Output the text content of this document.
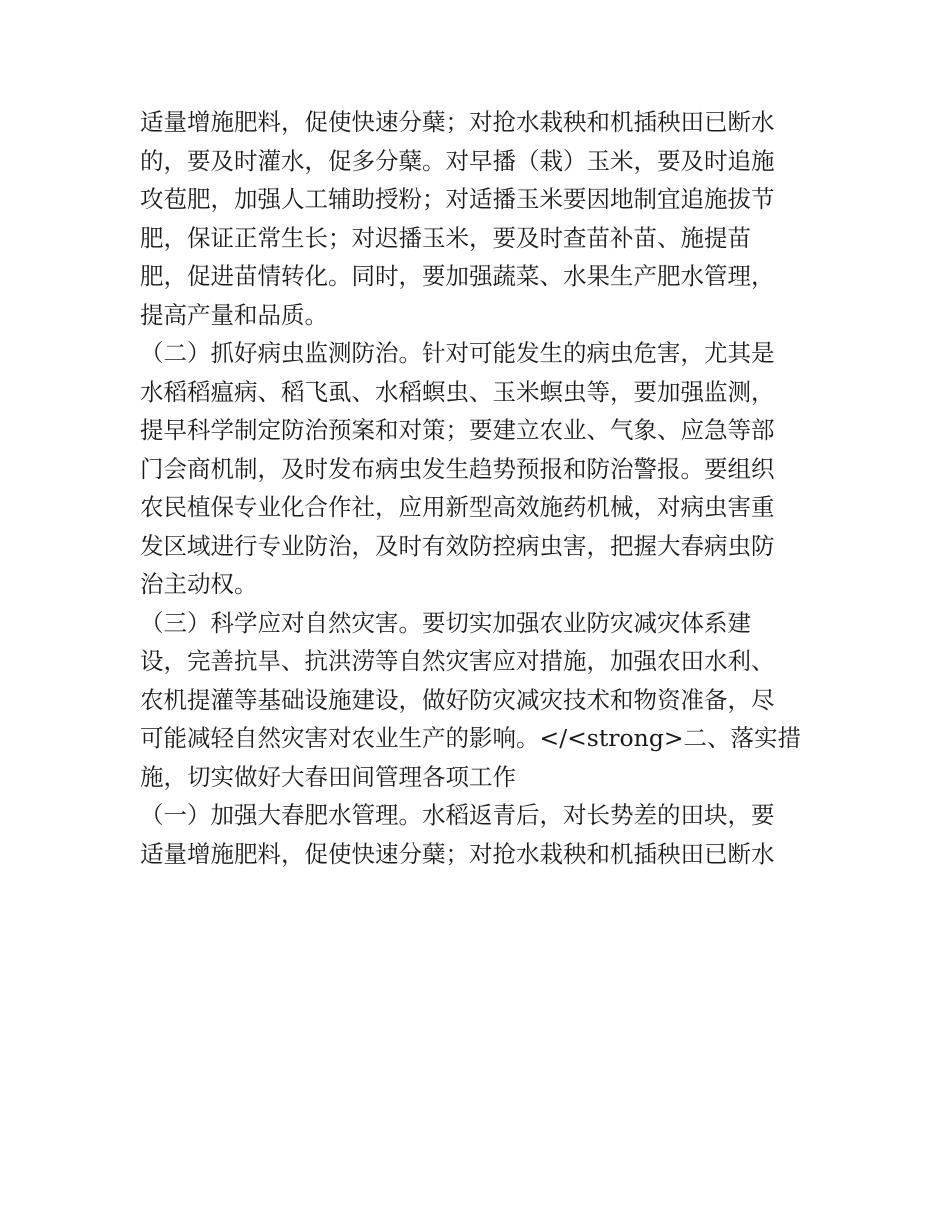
适量增施肥料，促使快速分蘖；对抢水栽秧和机插秧田已断水
的，要及时灌水，促多分蘖。对早播（栽）玉米，要及时追施
攻苞肥，加强人工辅助授粉；对适播玉米要因地制宜追施拔节
肥，保证正常生长；对迟播玉米，要及时查苗补苗、施提苗
肥，促进苗情转化。同时，要加强蔬菜、水果生产肥水管理，
提高产量和品质。
（二）抓好病虫监测防治。针对可能发生的病虫危害，尤其是
水稻稻瘟病、稻飞虱、水稻螟虫、玉米螟虫等，要加强监测，
提早科学制定防治预案和对策；要建立农业、气象、应急等部
门会商机制，及时发布病虫发生趋势预报和防治警报。要组织
农民植保专业化合作社，应用新型高效施药机械，对病虫害重
发区域进行专业防治，及时有效防控病虫害，把握大春病虫防
治主动权。
（三）科学应对自然灾害。要切实加强农业防灾减灾体系建
设，完善抗旱、抗洪涝等自然灾害应对措施，加强农田水利、
农机提灌等基础设施建设，做好防灾减灾技术和物资准备，尽
可能减轻自然灾害对农业生产的影响。</<strong>二、落实措
施，切实做好大春田间管理各项工作
（一）加强大春肥水管理。水稻返青后，对长势差的田块，要
适量增施肥料，促使快速分蘖；对抢水栽秧和机插秧田已断水
